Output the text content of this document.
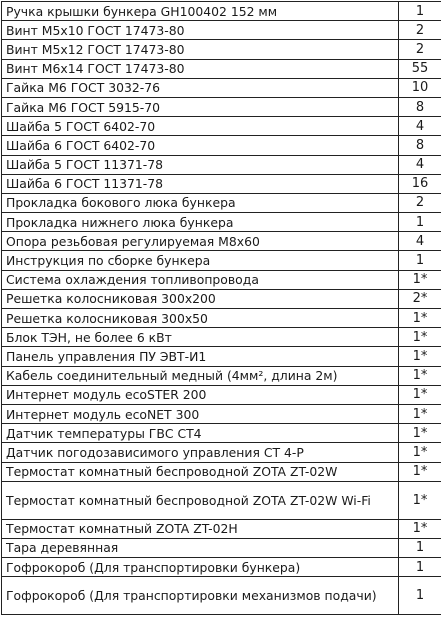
Ручка крышки бункера GH100402 152 мм	1
Винт М5х10 ГОСТ 17473-80	2
Винт М5х12 ГОСТ 17473-80	2
Винт М6х14 ГОСТ 17473-80	55
Гайка М6 ГОСТ 3032-76	10
Гайка М6 ГОСТ 5915-70	8
Шайба 5 ГОСТ 6402-70	4
Шайба 6 ГОСТ 6402-70	8
Шайба 5 ГОСТ 11371-78	4
Шайба 6 ГОСТ 11371-78	16
Прокладка бокового люка бункера	2
Прокладка нижнего люка бункера	1
Опора резьбовая регулируемая М8х60	4
Инструкция по сборке бункера	1
Система охлаждения топливопровода	1*
Решетка колосниковая 300х200	2*
Решетка колосниковая 300х50	1*
Блок ТЭН, не более 6 кВт	1*
Панель управления ПУ ЭВТ-И1	1*
Кабель соединительный медный (4мм², длина 2м)	1*
Интернет модуль ecoSTER 200	1*
Интернет модуль ecoNET 300	1*
Датчик температуры ГВС СТ4	1*
Датчик погодозависимого управления СТ 4-Р	1*
Термостат комнатный беспроводной ZOTA ZT-02W	1*
Термостат комнатный беспроводной ZOTA ZT-02W Wi-Fi	1*
Термостат комнатный ZOTA ZT-02H	1*
Тара деревянная	1
Гофрокороб (Для транспортировки бункера)	1
Гофрокороб (Для транспортировки механизмов подачи)	1
